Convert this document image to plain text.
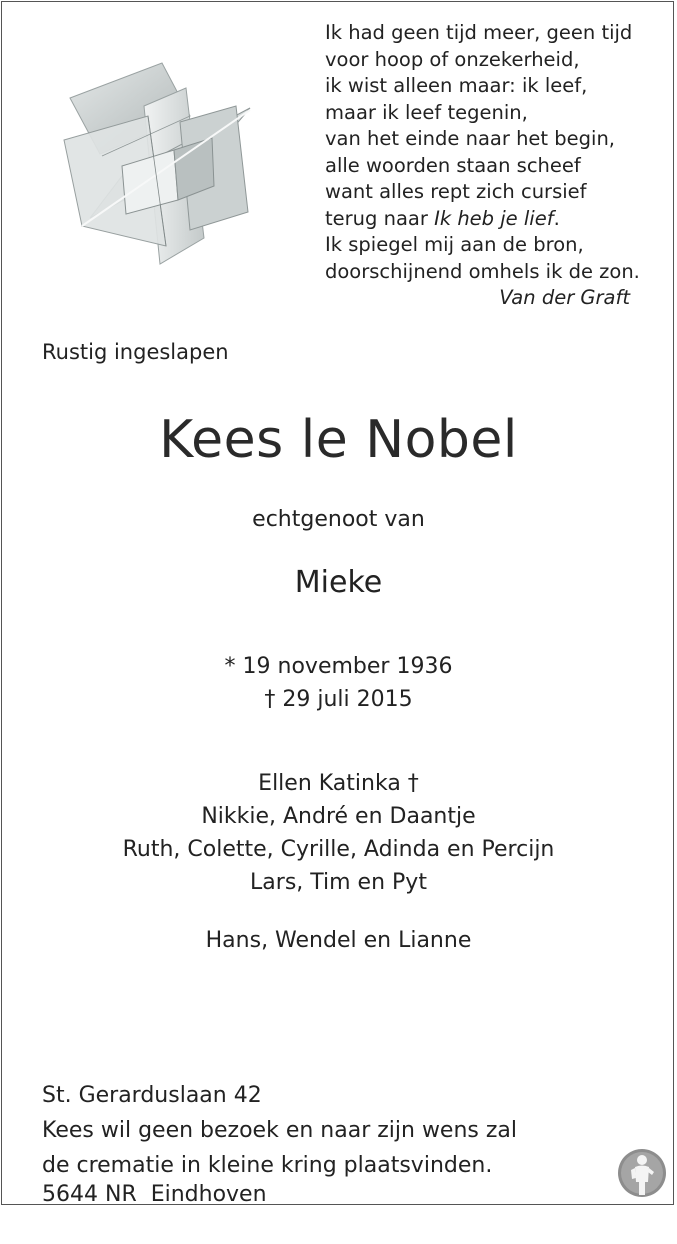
Ik had geen tijd meer, geen tijd
voor hoop of onzekerheid,
ik wist alleen maar: ik leef,
maar ik leef tegenin,
van het einde naar het begin,
alle woorden staan scheef
want alles rept zich cursief
terug naar Ik heb je lief.
Ik spiegel mij aan de bron,
doorschijnend omhels ik de zon.
Van der Graft
Rustig ingeslapen
Kees le Nobel
echtgenoot van
Mieke
* 19 november 1936
† 29 juli 2015
Ellen Katinka †
Nikkie, André en Daantje
Ruth, Colette, Cyrille, Adinda en Percijn
Lars, Tim en Pyt
Hans, Wendel en Lianne

St. Gerarduslaan 42

5644 NR  Eindhoven

Kees wil geen bezoek en naar zijn wens zal
de crematie in kleine kring plaatsvinden.
